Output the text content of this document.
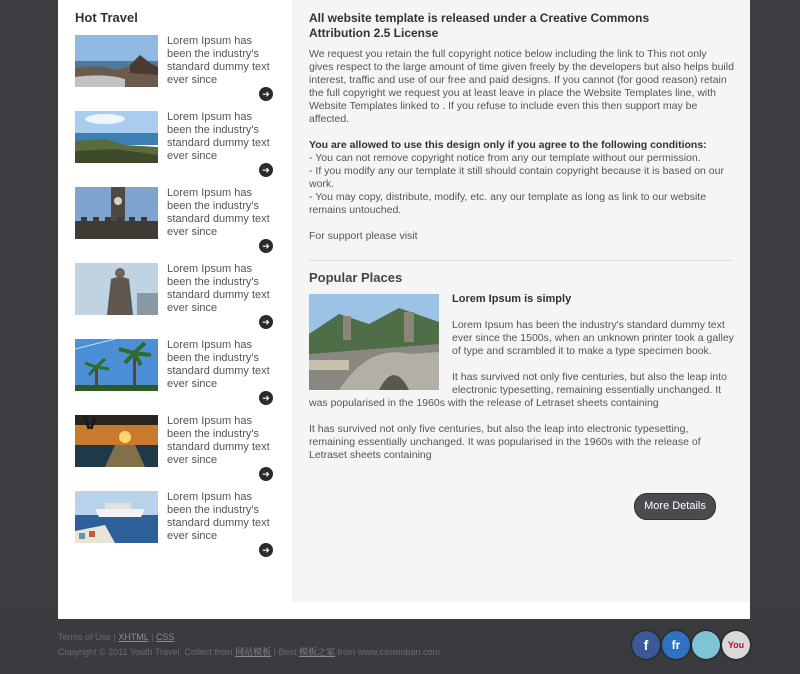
Hot Travel
Lorem Ipsum has been the industry's standard dummy text ever since
➔
Lorem Ipsum has been the industry's standard dummy text ever since
➔
Lorem Ipsum has been the industry's standard dummy text ever since
➔
Lorem Ipsum has been the industry's standard dummy text ever since
➔
Lorem Ipsum has been the industry's standard dummy text ever since
➔
Lorem Ipsum has been the industry's standard dummy text ever since
➔
Lorem Ipsum has been the industry's standard dummy text ever since
➔
All website template is released under a Creative Commons Attribution 2.5 License

We request you retain the full copyright notice below including the link to This not only gives respect to the large amount of time given freely by the developers but also helps build interest, traffic and use of our free and paid designs. If you cannot (for good reason) retain the full copyright we request you at least leave in place the Website Templates line, with Website Templates linked to . If you refuse to include even this then support may be affected.

You are allowed to use this design only if you agree to the following conditions:
- You can not remove copyright notice from any our template without our permission.
- If you modify any our template it still should contain copyright because it is based on our work.
- You may copy, distribute, modify, etc. any our template as long as link to our website remains untouched.

For support please visit

Popular Places
Lorem Ipsum is simply

Lorem Ipsum has been the industry's standard dummy text ever since the 1500s, when an unknown printer took a galley of type and scrambled it to make a type specimen book.

It has survived not only five centuries, but also the leap into electronic typesetting, remaining essentially unchanged. It was popularised in the 1960s with the release of Letraset sheets containing

It has survived not only five centuries, but also the leap into electronic typesetting, remaining essentially unchanged. It was popularised in the 1960s with the release of Letraset sheets containing

More Details
Terms of Use | XHTML | CSS
Copyright © 2011 Youth Travel. Collect from 网站模板 | Best 模板之家 from www.cssmoban.com	f	fr	You
